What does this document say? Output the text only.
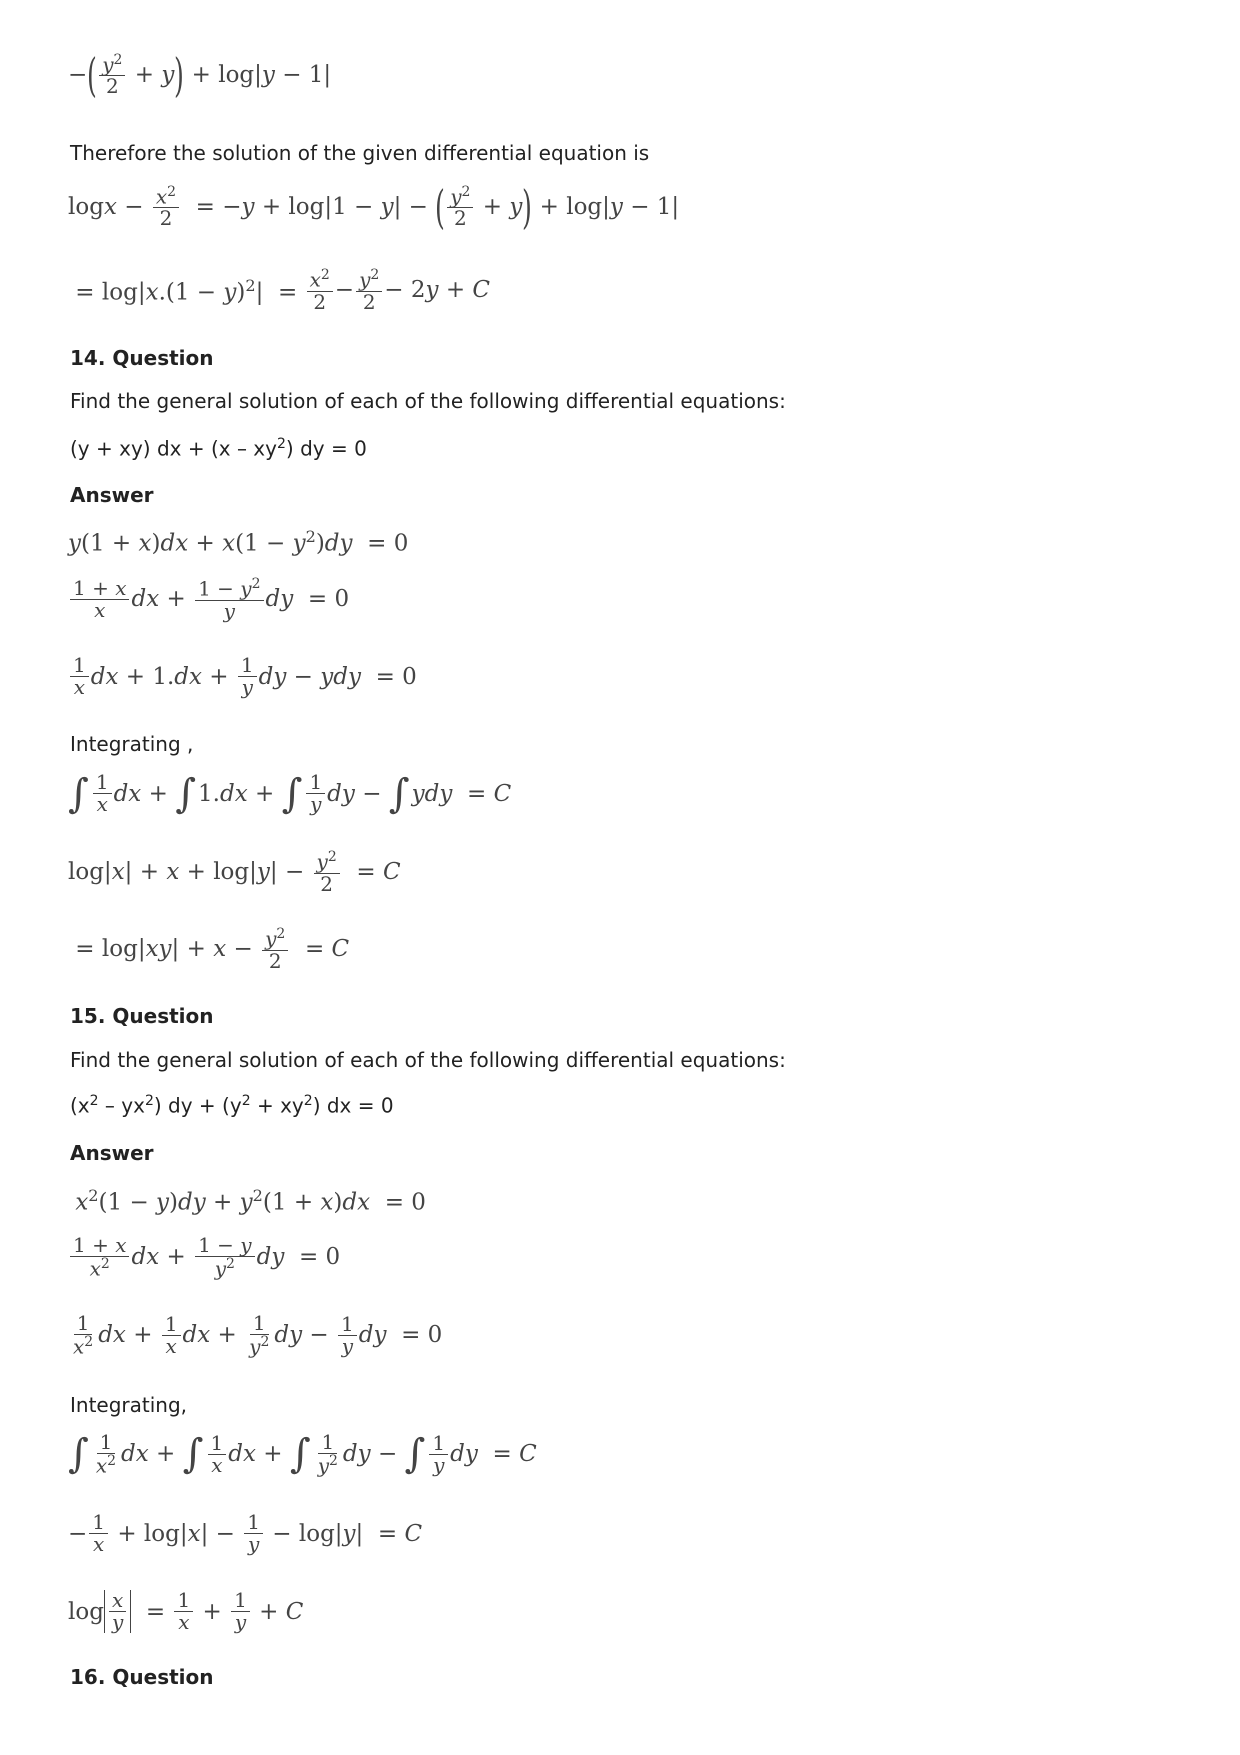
− ( $y^2$
2 + y ) + log|y − 1|
Therefore the solution of the given differential equation is
$\log x - \frac{x^2}{2} = -y + \log|1 - y|$ − ( $y^2$
2 + y ) + log|y − 1|
= $\log|x.(1 - y)^2| = \frac{x^2}{2} - \frac{y^2}{2} - 2y + C$
14. Question
Find the general solution of each of the following differential equations:
(y + xy) dx + $(x - xy^2)$ dy = 0
Answer
$y(1 + x)dx + x(1 - y^2)dy = 0$
1 + x
x dx + $\frac{1 - y^2}{y}$ dy  = 0
1
x dx + $1.dx + \frac{1}{y}$ dy − ydy  = 0
Integrating ,
∫ 1
x dx + ∫ 1.dx + ∫ 1
y dy − ∫ ydy  = C
$\log|x| + x + \log|y| - \frac{y^2}{2} = C$
= $\log|xy| + x - \frac{y^2}{2} = C$
15. Question
Find the general solution of each of the following differential equations:
$(x^2 - yx^2)$ dy + $(y^2 + xy^2)$ dx = 0
Answer
$x^2(1 - y)dy + y^2(1 + x)dx = 0$
1 + x
$x^2$ dx + $\frac{1 - y}{y^2}$ dy  = 0
1
$x^2$ dx + $\frac{1}{x}$ dx + $\frac{1}{y^2}$ dy − $\frac{1}{y}$ dy  = 0
Integrating,
∫ 1
$x^2$ dx + ∫ 1
x dx + ∫ 1
$y^2$ dy − ∫ 1
y dy  = C
− $\frac{1}{x} + \log|x| - \frac{1}{y} - \log|y| = C$
$\log \frac{x}{y} = \frac{1}{x} + \frac{1}{y} + C$
16. Question
